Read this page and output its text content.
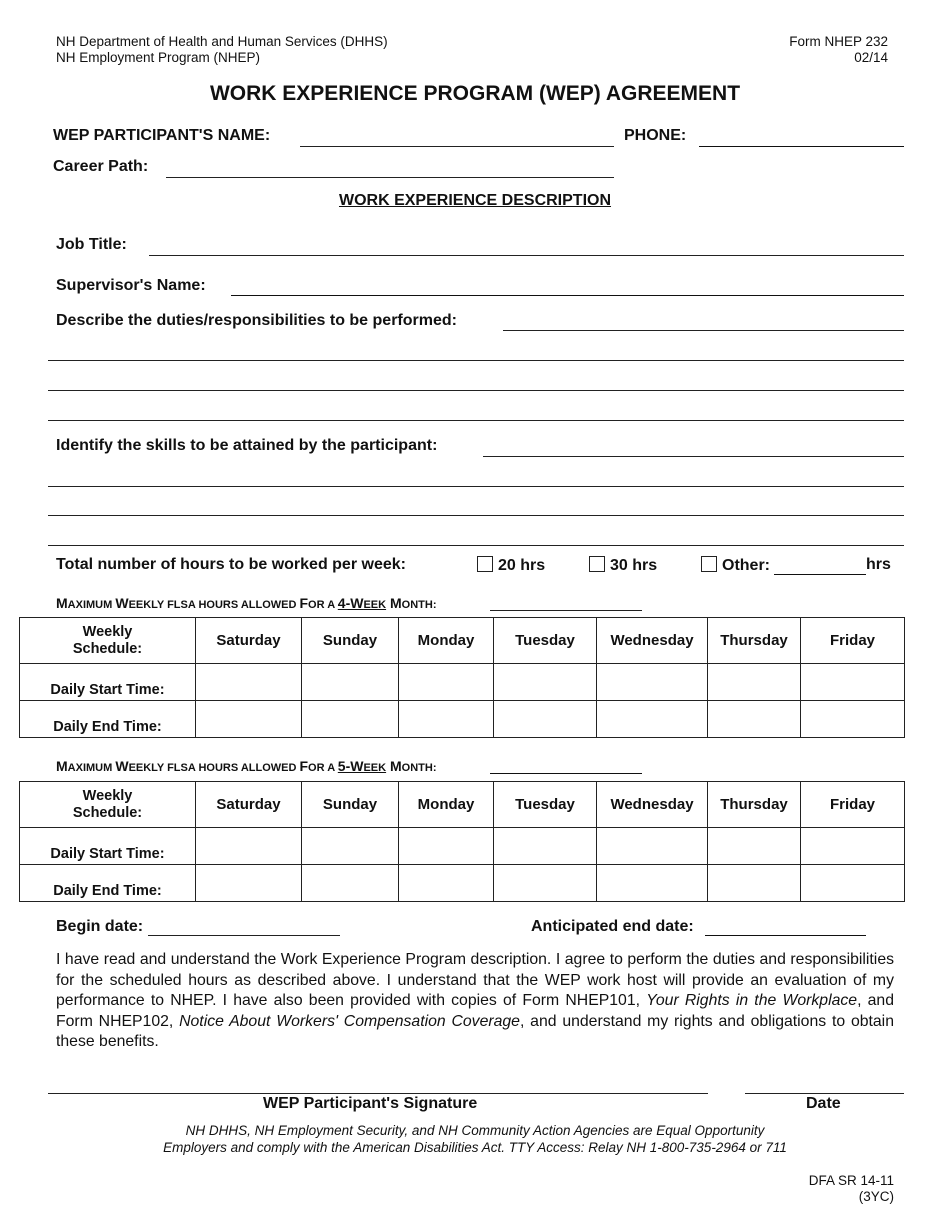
NH Department of Health and Human Services (DHHS)
NH Employment Program (NHEP)
Form NHEP 232
02/14
WORK EXPERIENCE PROGRAM (WEP) AGREEMENT
WEP PARTICIPANT'S NAME:	PHONE:
Career Path:
WORK EXPERIENCE DESCRIPTION
Job Title:
Supervisor's Name:
Describe the duties/responsibilities to be performed:
Identify the skills to be attained by the participant:
Total number of hours to be worked per week:	20 hrs	30 hrs	Other:	hrs
MAXIMUM WEEKLY FLSA HOURS ALLOWED FOR A 4-WEEK MONTH:
Weekly
Schedule:	Saturday	Sunday	Monday	Tuesday	Wednesday	Thursday	Friday
Daily Start Time:							
Daily End Time:							
MAXIMUM WEEKLY FLSA HOURS ALLOWED FOR A 5-WEEK MONTH:
Weekly
Schedule:	Saturday	Sunday	Monday	Tuesday	Wednesday	Thursday	Friday
Daily Start Time:							
Daily End Time:							
Begin date:	Anticipated end date:
I have read and understand the Work Experience Program description. I agree to perform the duties and responsibilities for the scheduled hours as described above. I understand that the WEP work host will provide an evaluation of my performance to NHEP. I have also been provided with copies of Form NHEP101, Your Rights in the Workplace, and Form NHEP102, Notice About Workers' Compensation Coverage, and understand my rights and obligations to obtain these benefits.
WEP Participant's Signature	Date
NH DHHS, NH Employment Security, and NH Community Action Agencies are Equal Opportunity
Employers and comply with the American Disabilities Act. TTY Access: Relay NH 1-800-735-2964 or 711
DFA SR 14-11
(3YC)
